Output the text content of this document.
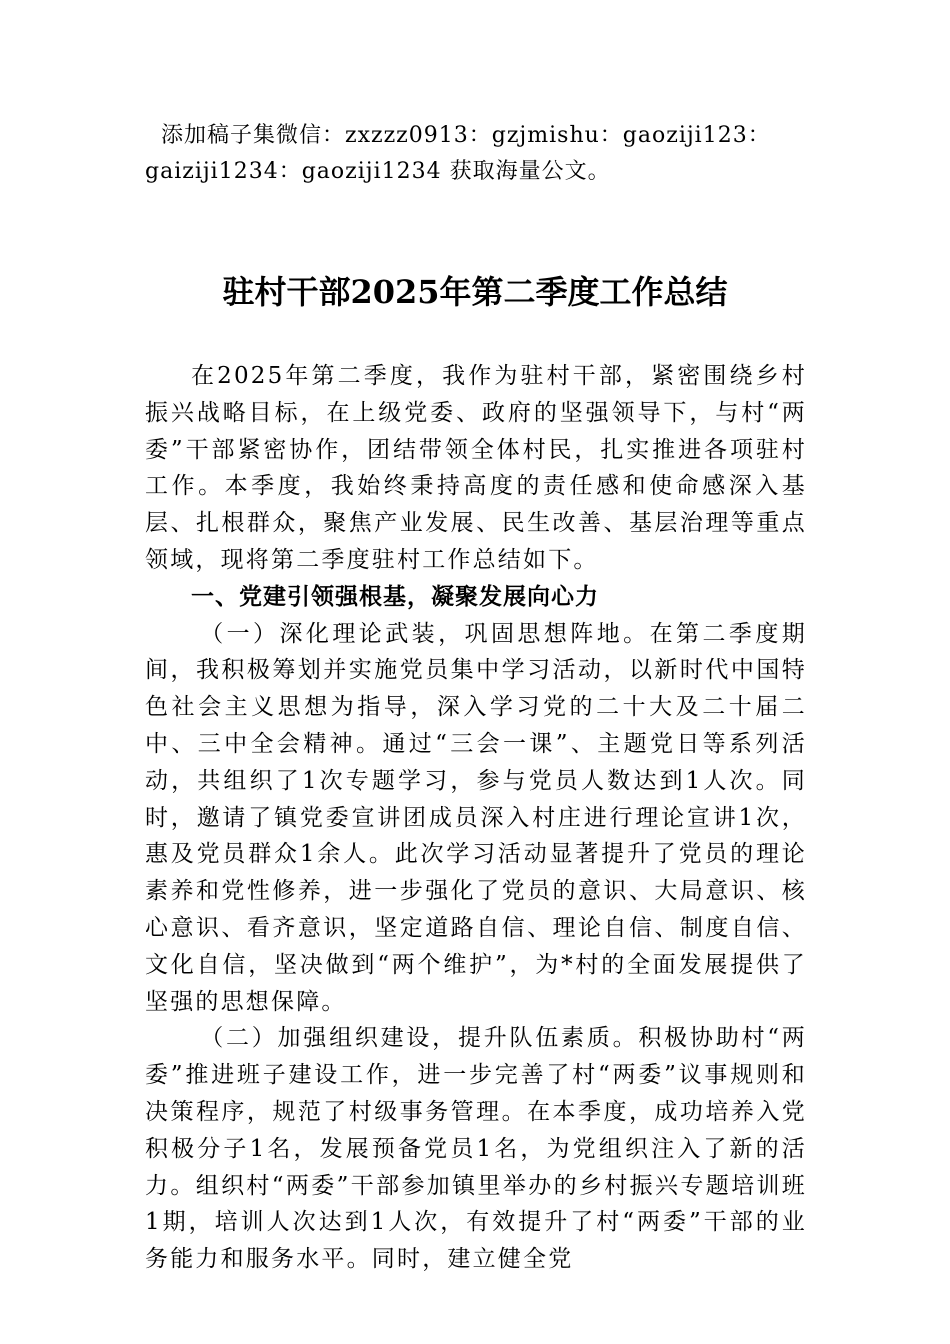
添加稿子集微信：zxzzz0913：gzjmishu：gaoziji123：
gaiziji1234：gaoziji1234 获取海量公文。
驻村干部2025年第二季度工作总结

在2025年第二季度，我作为驻村干部，紧密围绕乡村振兴战略目标，在上级党委、政府的坚强领导下，与村“两委”干部紧密协作，团结带领全体村民，扎实推进各项驻村工作。本季度，我始终秉持高度的责任感和使命感深入基层、扎根群众，聚焦产业发展、民生改善、基层治理等重点领域，现将第二季度驻村工作总结如下。

一、党建引领强根基，凝聚发展向心力

（一）深化理论武装，巩固思想阵地。在第二季度期间，我积极筹划并实施党员集中学习活动，以新时代中国特色社会主义思想为指导，深入学习党的二十大及二十届二中、三中全会精神。通过“三会一课”、主题党日等系列活动，共组织了1次专题学习，参与党员人数达到1人次。同时，邀请了镇党委宣讲团成员深入村庄进行理论宣讲1次，惠及党员群众1余人。此次学习活动显著提升了党员的理论素养和党性修养，进一步强化了党员的意识、大局意识、核心意识、看齐意识，坚定道路自信、理论自信、制度自信、文化自信，坚决做到“两个维护”，为*村的全面发展提供了坚强的思想保障。

（二）加强组织建设，提升队伍素质。积极协助村“两委”推进班子建设工作，进一步完善了村“两委”议事规则和决策程序，规范了村级事务管理。在本季度，成功培养入党积极分子1名，发展预备党员1名，为党组织注入了新的活力。组织村“两委”干部参加镇里举办的乡村振兴专题培训班1期，培训人次达到1人次，有效提升了村“两委”干部的业务能力和服务水平。同时，建立健全党
